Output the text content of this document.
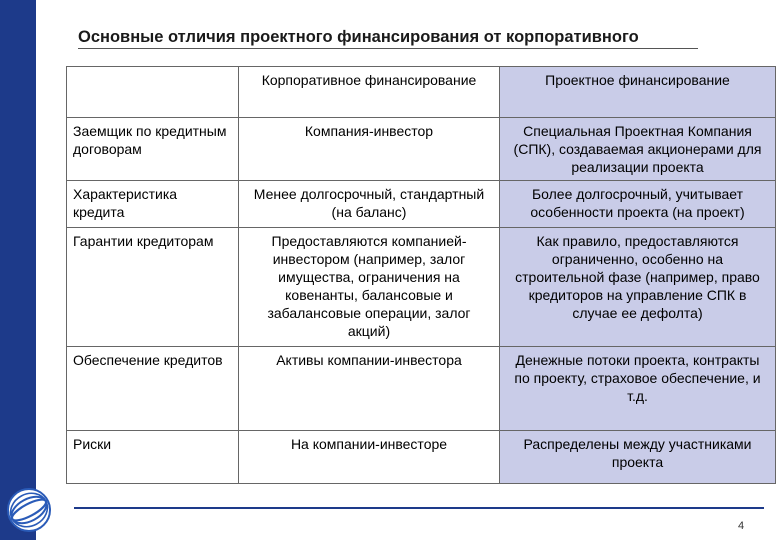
Основные отличия проектного финансирования от корпоративного
	Корпоративное финансирование	Проектное финансирование
Заемщик по кредитным договорам	Компания-инвестор	Специальная Проектная Компания (СПК), создаваемая акционерами для реализации проекта
Характеристика кредита	Менее долгосрочный, стандартный (на баланс)	Более долгосрочный, учитывает особенности проекта (на проект)
Гарантии кредиторам	Предоставляются компанией-инвестором (например, залог имущества, ограничения на ковенанты, балансовые и забалансовые операции, залог акций)	Как правило, предоставляются ограниченно, особенно на строительной фазе (например, право кредиторов на управление СПК в случае ее дефолта)
Обеспечение кредитов	Активы компании-инвестора	Денежные потоки проекта, контракты по проекту, страховое обеспечение, и т.д.
Риски	На компании-инвесторе	Распределены между участниками проекта
4
